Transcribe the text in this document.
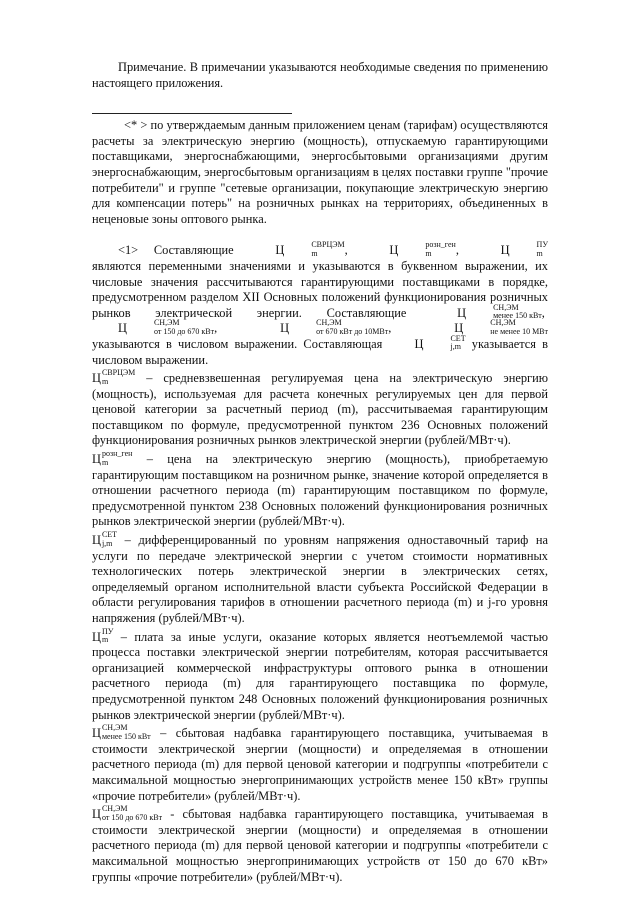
Примечание. В примечании указываются необходимые сведения по применению настоящего приложения.

<* > по утверждаемым данным приложением ценам (тарифам) осуществляются расчеты за электрическую энергию (мощность), отпускаемую гарантирующими поставщиками, энергоснабжающими, энергосбытовыми организациями другим энергоснабжающим, энергосбытовым организациям в целях поставки группе "прочие потребители" и группе "сетевые организации, покупающие электрическую энергию для компенсации потерь" на розничных рынках на территориях, объединенных в неценовые зоны оптового рынка.

<1> Составляющие	Ц	СВРЦЭМ
m	,	Ц	розн_ген
m	,	Ц	ПУ
m
являются переменными значениями и указываются в буквенном выражении, их числовые значения рассчитываются гарантирующими поставщиками в порядке, предусмотренном разделом XII Основных положений функционирования розничных рынков электрической энергии. Составляющие	Ц	СН,ЭМ
менее 150 кВт ,
Ц	СН,ЭМ
от 150 до 670 кВт ,	Ц	СН,ЭМ
от 670 кВт до 10МВт ,	Ц	СН,ЭМ
не менее 10 МВт
указываются в числовом выражении. Составляющая	Ц	СЕТ
j,m указывается в числовом выражении.

Ц СВРЦЭМ
m	– средневзвешенная регулируемая цена на электрическую энергию (мощность), используемая для расчета конечных регулируемых цен для первой ценовой категории за расчетный период (m), рассчитываемая гарантирующим поставщиком по формуле, предусмотренной пунктом 236 Основных положений функционирования розничных рынков электрической энергии (рублей/МВт·ч).

Ц розн_ген
m	– цена на электрическую энергию (мощность), приобретаемую гарантирующим поставщиком на розничном рынке, значение которой определяется в отношении расчетного периода (m) гарантирующим поставщиком по формуле, предусмотренной пунктом 238 Основных положений функционирования розничных рынков электрической энергии (рублей/МВт·ч).

Ц СЕТ
j,m – дифференцированный по уровням напряжения одноставочный тариф на услуги по передаче электрической энергии с учетом стоимости нормативных технологических потерь электрической энергии в электрических сетях, определяемый органом исполнительной власти субъекта Российской Федерации в области регулирования тарифов в отношении расчетного периода (m) и j-го уровня напряжения (рублей/МВт·ч).

Ц ПУ
m – плата за иные услуги, оказание которых является неотъемлемой частью процесса поставки электрической энергии потребителям, которая рассчитывается организацией коммерческой инфраструктуры оптового рынка в отношении расчетного периода (m) для гарантирующего поставщика по формуле, предусмотренной пунктом 248 Основных положений функционирования розничных рынков электрической энергии (рублей/МВт·ч).

Ц СН,ЭМ
менее 150 кВт – сбытовая надбавка гарантирующего поставщика, учитываемая в стоимости электрической энергии (мощности) и определяемая в отношении расчетного периода (m) для первой ценовой категории и подгруппы «потребители с максимальной мощностью энергопринимающих устройств менее 150 кВт» группы «прочие потребители» (рублей/МВт·ч).

Ц СН,ЭМ
от 150 до 670 кВт - сбытовая надбавка гарантирующего поставщика, учитываемая в стоимости электрической энергии (мощности) и определяемая в отношении расчетного периода (m) для первой ценовой категории и подгруппы «потребители с максимальной мощностью энергопринимающих устройств от 150 до 670 кВт» группы «прочие потребители» (рублей/МВт·ч).
